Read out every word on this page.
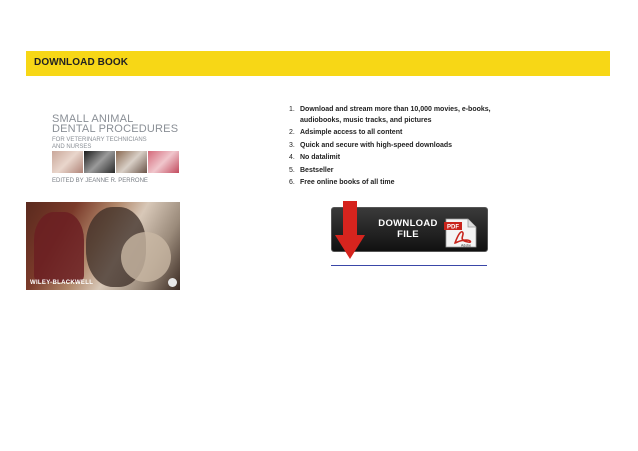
DOWNLOAD BOOK
SMALL ANIMAL
DENTAL PROCEDURES
FOR VETERINARY TECHNICIANS
AND NURSES
EDITED BY JEANNE R. PERRONE
WILEY-BLACKWELL
1. Download and stream more than 10,000 movies, e-books, audiobooks, music tracks, and pictures
2. Adsimple access to all content
3. Quick and secure with high-speed downloads
4. No datalimit
5. Bestseller
6. Free online books of all time
DOWNLOAD
FILE
PDF
Adobe
